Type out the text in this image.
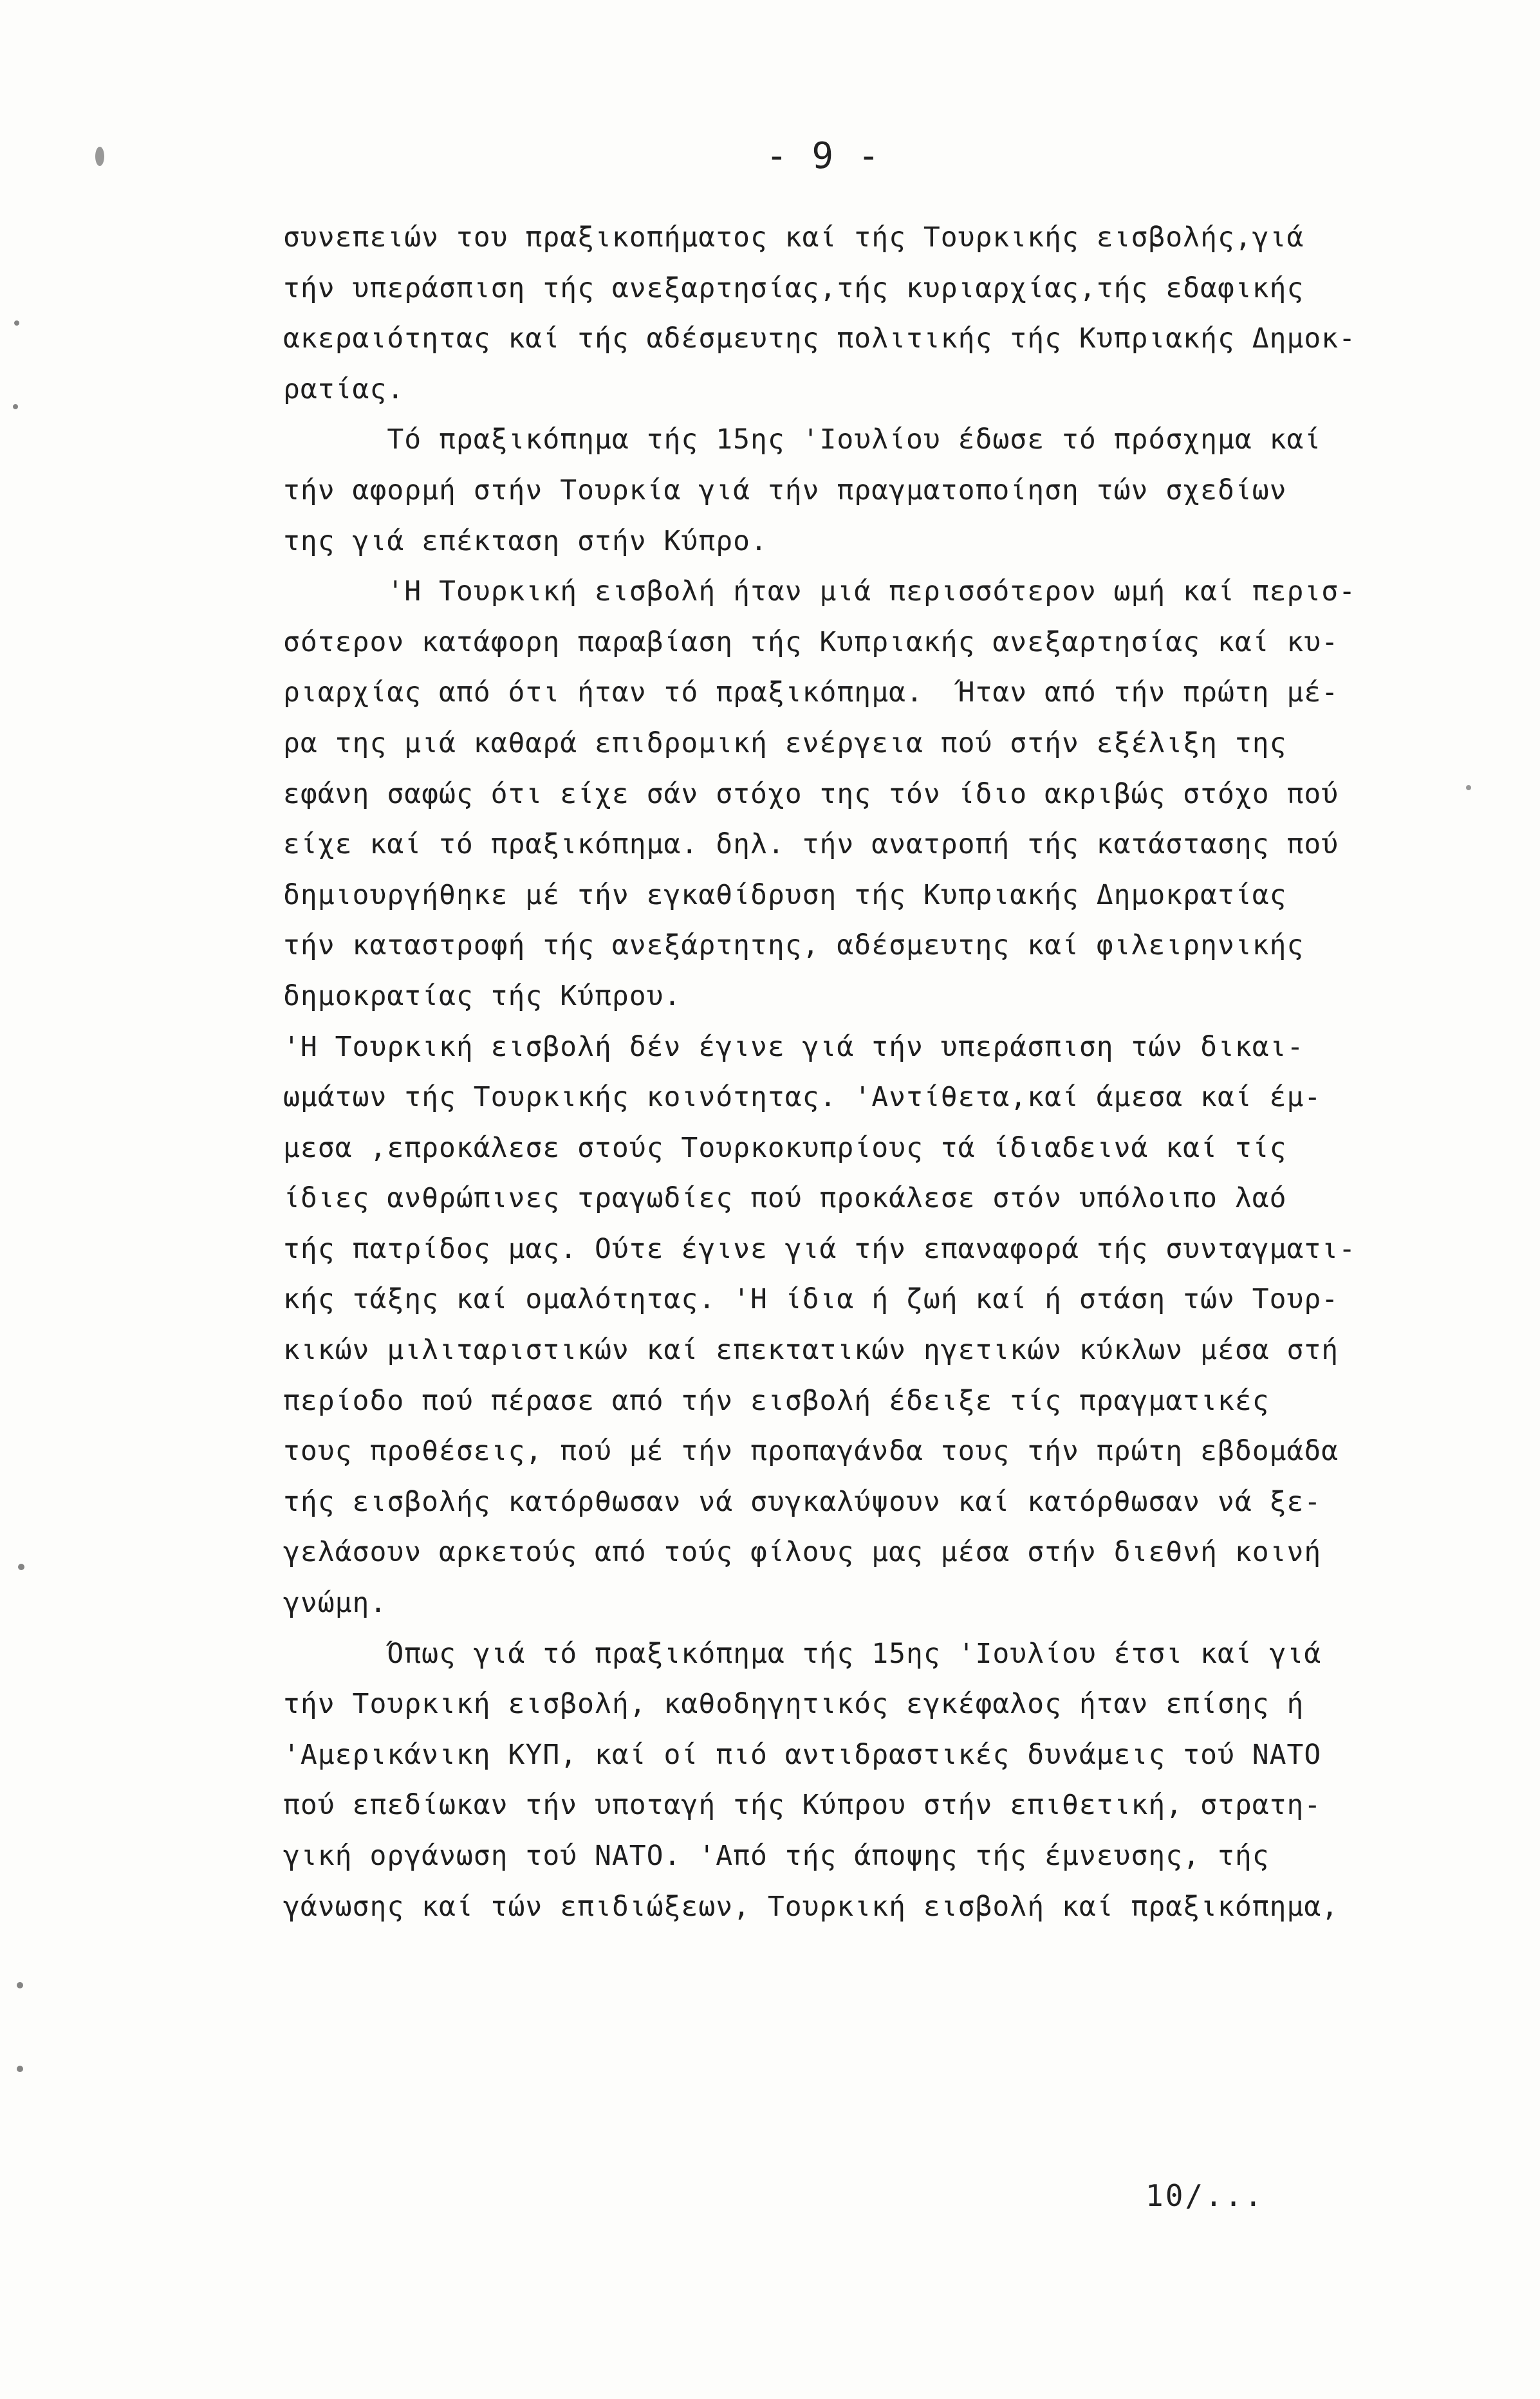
- 9 -
συνεπειών του πραξικοπήματος καί τής Τουρκικής εισβολής,γιά
τήν υπεράσπιση τής ανεξαρτησίας,τής κυριαρχίας,τής εδαφικής
ακεραιότητας καί τής αδέσμευτης πολιτικής τής Κυπριακής Δημοκ-
ρατίας.
Τό πραξικόπημα τής 15ης 'Ιουλίου έδωσε τό πρόσχημα καί
τήν αφορμή στήν Τουρκία γιά τήν πραγματοποίηση τών σχεδίων
της γιά επέκταση στήν Κύπρο.
'Η Τουρκική εισβολή ήταν μιά περισσότερον ωμή καί περισ-
σότερον κατάφορη παραβίαση τής Κυπριακής ανεξαρτησίας καί κυ-
ριαρχίας από ότι ήταν τό πραξικόπημα.  Ήταν από τήν πρώτη μέ-
ρα της μιά καθαρά επιδρομική ενέργεια πού στήν εξέλιξη της
εφάνη σαφώς ότι είχε σάν στόχο της τόν ίδιο ακριβώς στόχο πού
είχε καί τό πραξικόπημα. δηλ. τήν ανατροπή τής κατάστασης πού
δημιουργήθηκε μέ τήν εγκαθίδρυση τής Κυπριακής Δημοκρατίας
τήν καταστροφή τής ανεξάρτητης, αδέσμευτης καί φιλειρηνικής
δημοκρατίας τής Κύπρου.
'Η Τουρκική εισβολή δέν έγινε γιά τήν υπεράσπιση τών δικαι-
ωμάτων τής Τουρκικής κοινότητας. 'Αντίθετα,καί άμεσα καί έμ-
μεσα ,επροκάλεσε στούς Τουρκοκυπρίους τά ίδιαδεινά καί τίς
ίδιες ανθρώπινες τραγωδίες πού προκάλεσε στόν υπόλοιπο λαό
τής πατρίδος μας. Ούτε έγινε γιά τήν επαναφορά τής συνταγματι-
κής τάξης καί ομαλότητας. 'Η ίδια ή ζωή καί ή στάση τών Τουρ-
κικών μιλιταριστικών καί επεκτατικών ηγετικών κύκλων μέσα στή
περίοδο πού πέρασε από τήν εισβολή έδειξε τίς πραγματικές
τους προθέσεις, πού μέ τήν προπαγάνδα τους τήν πρώτη εβδομάδα
τής εισβολής κατόρθωσαν νά συγκαλύψουν καί κατόρθωσαν νά ξε-
γελάσουν αρκετούς από τούς φίλους μας μέσα στήν διεθνή κοινή
γνώμη.
Όπως γιά τό πραξικόπημα τής 15ης 'Ιουλίου έτσι καί γιά
τήν Τουρκική εισβολή, καθοδηγητικός εγκέφαλος ήταν επίσης ή
'Αμερικάνικη ΚΥΠ, καί οί πιό αντιδραστικές δυνάμεις τού ΝΑΤΟ
πού επεδίωκαν τήν υποταγή τής Κύπρου στήν επιθετική, στρατη-
γική οργάνωση τού ΝΑΤΟ. 'Από τής άποψης τής έμνευσης, τής
γάνωσης καί τών επιδιώξεων, Τουρκική εισβολή καί πραξικόπημα,
10/...
